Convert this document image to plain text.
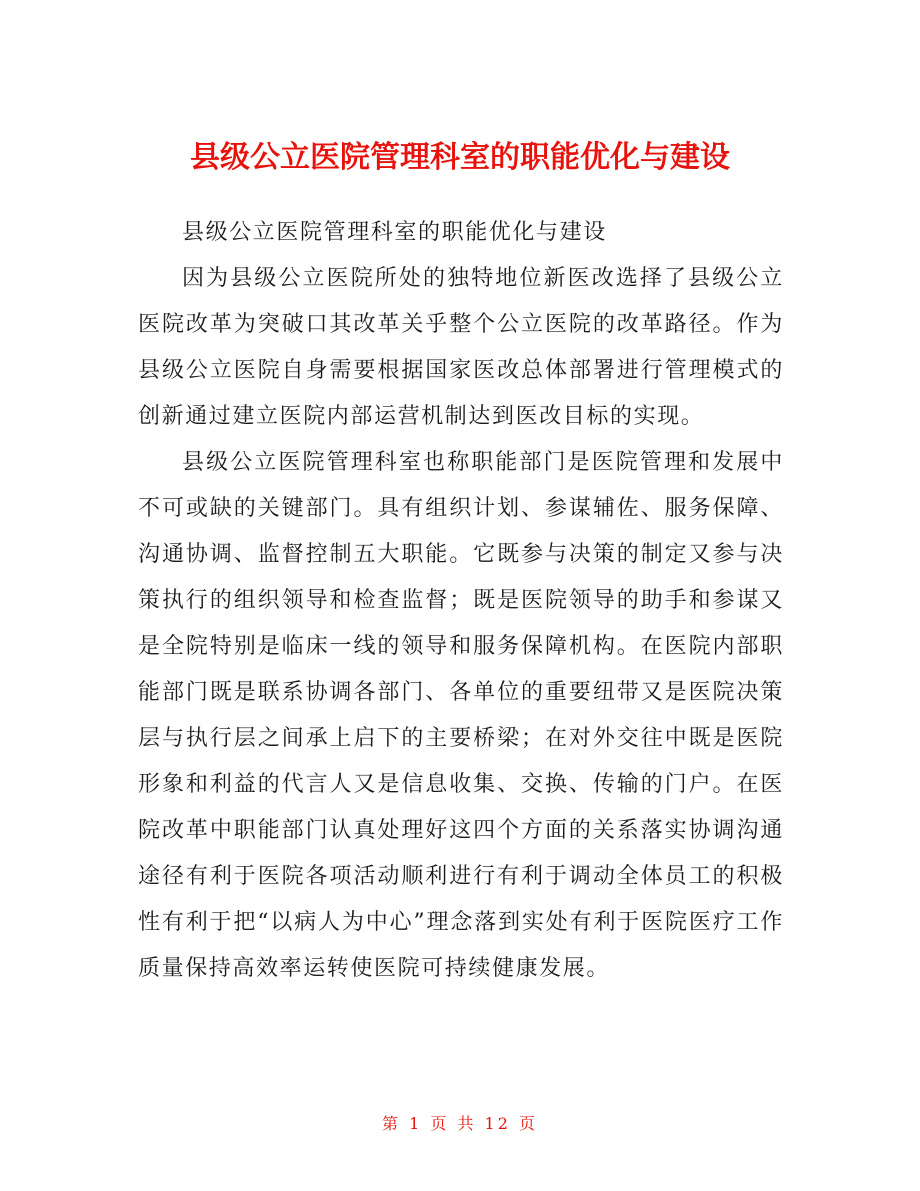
县级公立医院管理科室的职能优化与建设

县级公立医院管理科室的职能优化与建设

因为县级公立医院所处的独特地位新医改选择了县级公立医院改革为突破口其改革关乎整个公立医院的改革路径。作为县级公立医院自身需要根据国家医改总体部署进行管理模式的创新通过建立医院内部运营机制达到医改目标的实现。

县级公立医院管理科室也称职能部门是医院管理和发展中不可或缺的关键部门。具有组织计划、参谋辅佐、服务保障、沟通协调、监督控制五大职能。它既参与决策的制定又参与决策执行的组织领导和检查监督；既是医院领导的助手和参谋又是全院特别是临床一线的领导和服务保障机构。在医院内部职能部门既是联系协调各部门、各单位的重要纽带又是医院决策层与执行层之间承上启下的主要桥梁；在对外交往中既是医院形象和利益的代言人又是信息收集、交换、传输的门户。在医院改革中职能部门认真处理好这四个方面的关系落实协调沟通途径有利于医院各项活动顺利进行有利于调动全体员工的积极性有利于把“以病人为中心”理念落到实处有利于医院医疗工作质量保持高效率运转使医院可持续健康发展。

第 1 页 共 12 页
